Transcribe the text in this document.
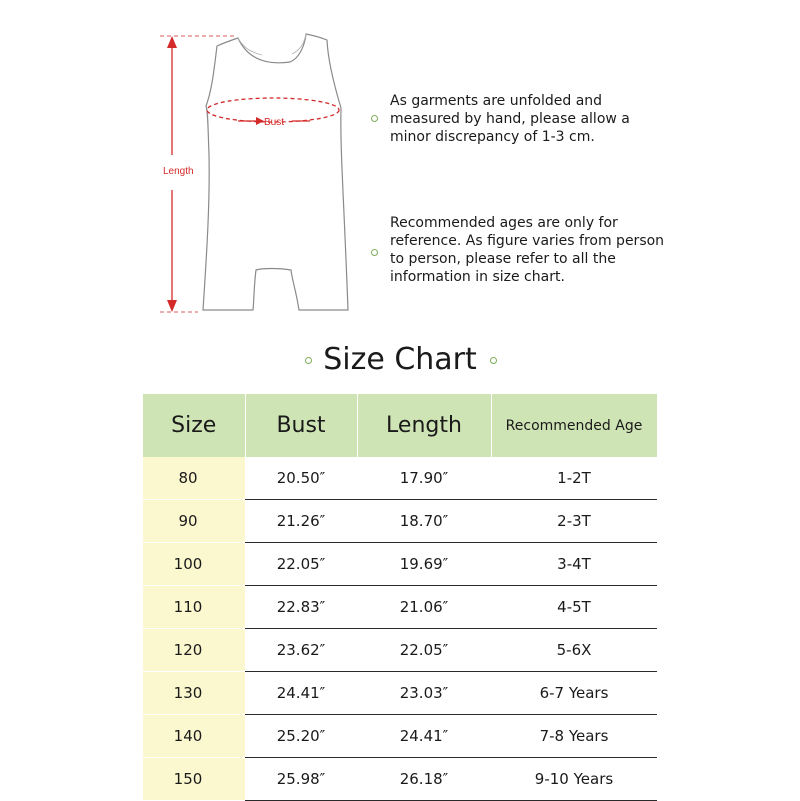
Bust
Length
As garments are unfolded and measured by hand, please allow a minor discrepancy of 1-3 cm.
Recommended ages are only for reference. As figure varies from person to person, please refer to all the information in size chart.
Size Chart
Size	Bust	Length	Recommended Age

80	20.50″	17.90″	1-2T

90	21.26″	18.70″	2-3T

100	22.05″	19.69″	3-4T

110	22.83″	21.06″	4-5T

120	23.62″	22.05″	5-6X

130	24.41″	23.03″	6-7 Years

140	25.20″	24.41″	7-8 Years

150	25.98″	26.18″	9-10 Years
